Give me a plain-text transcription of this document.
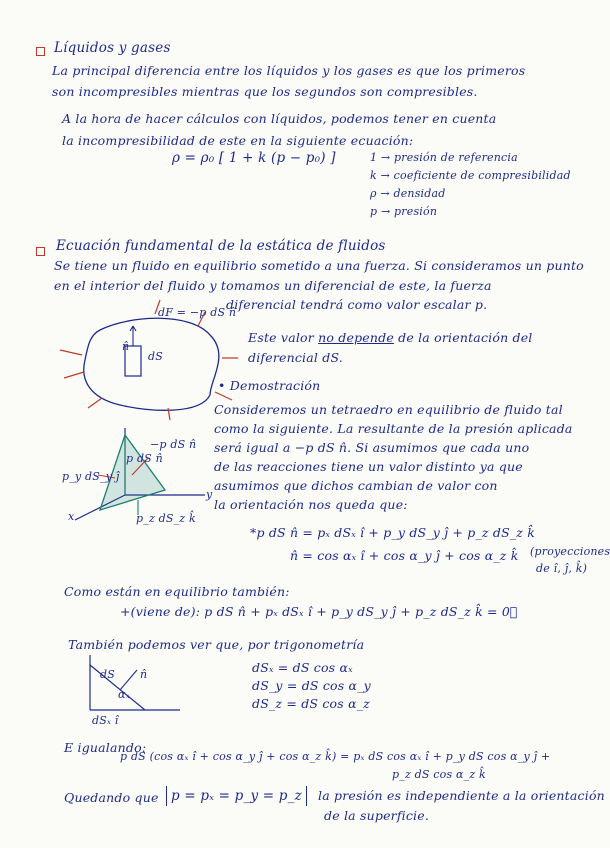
Líquidos y gases
La principal diferencia entre los líquidos y los gases es que los primeros
son incompresibles mientras que los segundos son compresibles.
A la hora de hacer cálculos con líquidos, podemos tener en cuenta
la incompresibilidad de este en la siguiente ecuación:
ρ = ρ₀ [ 1 + k (p − p₀) ]	1 → presión de referencia
k → coeficiente de compresibilidad
ρ → densidad
p → presión
Ecuación fundamental de la estática de fluidos
Se tiene un fluido en equilibrio sometido a una fuerza. Si consideramos un punto
en el interior del fluido y tomamos un diferencial de este, la fuerza
diferencial tendrá como valor escalar p.
dF = −p dS n̂
n̂
dS
Este valor no depende de la orientación del
diferencial dS.
• Demostración
Consideremos un tetraedro en equilibrio de fluido tal
como la siguiente. La resultante de la presión aplicada
será igual a −p dS n̂. Si asumimos que cada uno
de las reacciones tiene un valor distinto ya que
asumimos que dichos cambian de valor con
la orientación nos queda que:
p dS n̂
−p dS n̂
p_y dS_y ĵ
p_z dS_z k̂
x
y
*p dS n̂ = pₓ dSₓ î + p_y dS_y ĵ + p_z dS_z k̂
n̂ = cos αₓ î + cos α_y ĵ + cos α_z k̂ (proyecciones
de î, ĵ, k̂)
Como están en equilibrio también:
+(viene de): p dS n̂ + pₓ dSₓ î + p_y dS_y ĵ + p_z dS_z k̂ = 0⃗
También podemos ver que, por trigonometría
dS
αₓ
n̂
dSₓ î
dSₓ = dS cos αₓ
dS_y = dS cos α_y
dS_z = dS cos α_z
E igualando:
p dS (cos αₓ î + cos α_y ĵ + cos α_z k̂) = pₓ dS cos αₓ î + p_y dS cos α_y ĵ +
p_z dS cos α_z k̂
Quedando que p = pₓ = p_y = p_z	la presión es independiente a la orientación
de la superficie.
